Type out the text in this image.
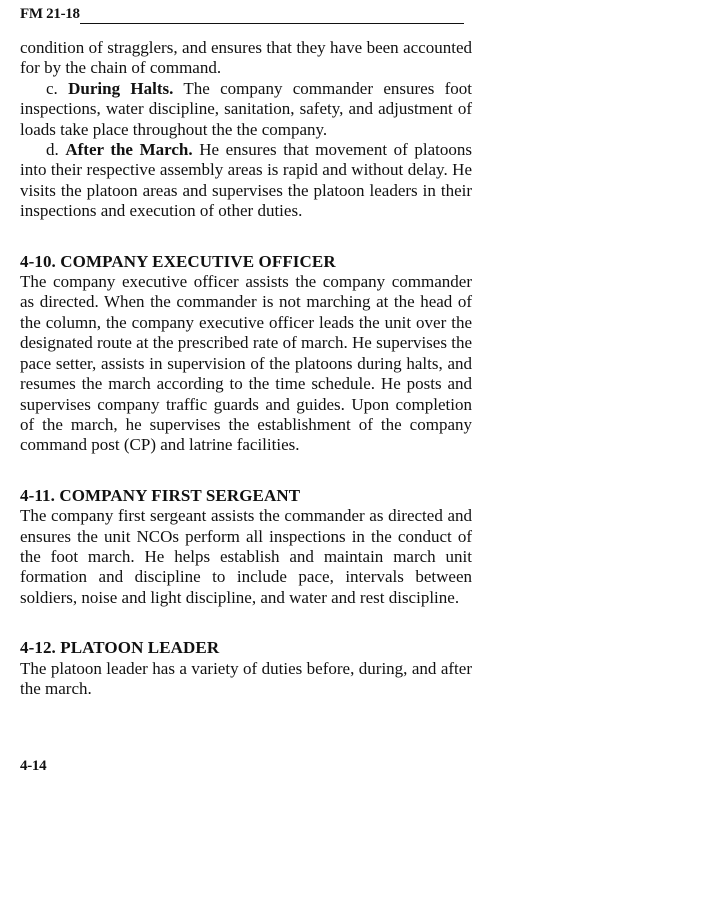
FM 21-18

condition of stragglers, and ensures that they have been accounted for by the chain of command.

c. During Halts. The company commander ensures foot inspections, water discipline, sanitation, safety, and adjustment of loads take place throughout the the company.

d. After the March. He ensures that movement of platoons into their respective assembly areas is rapid and without delay. He visits the platoon areas and supervises the platoon leaders in their inspections and execution of other duties.

4-10. COMPANY EXECUTIVE OFFICER

The company executive officer assists the company commander as directed. When the commander is not marching at the head of the column, the company executive officer leads the unit over the designated route at the prescribed rate of march. He supervises the pace setter, assists in supervision of the platoons during halts, and resumes the march according to the time schedule. He posts and supervises company traffic guards and guides. Upon completion of the march, he supervises the establishment of the company command post (CP) and latrine facilities.

4-11. COMPANY FIRST SERGEANT

The company first sergeant assists the commander as directed and ensures the unit NCOs perform all inspections in the conduct of the foot march. He helps establish and maintain march unit formation and discipline to include pace, intervals between soldiers, noise and light discipline, and water and rest discipline.

4-12. PLATOON LEADER

The platoon leader has a variety of duties before, during, and after the march.

4-14
